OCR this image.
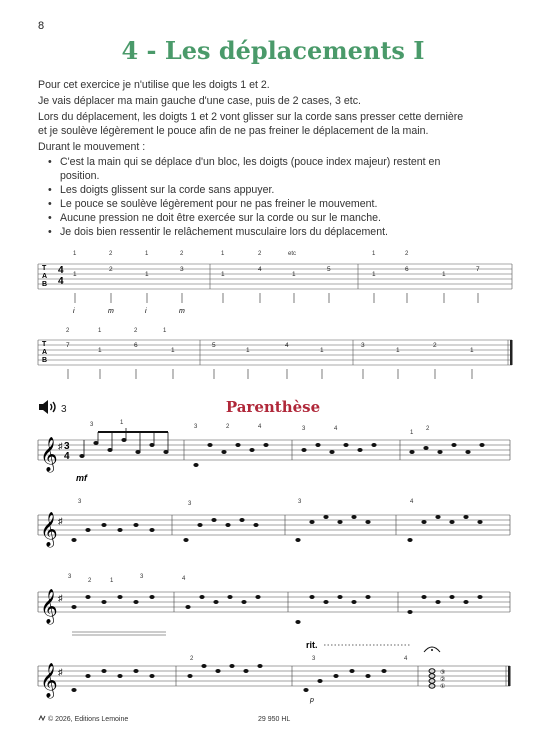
8
4 - Les déplacements I
Pour cet exercice je n'utilise que les doigts 1 et 2.
Je vais déplacer ma main gauche d'une case, puis de 2 cases, 3 etc.
Lors du déplacement, les doigts 1 et 2 vont glisser sur la corde sans presser cette dernière
et je soulève légèrement le pouce afin de ne pas freiner le déplacement de la main.
Durant le mouvement :
• C'est la main qui se déplace d'un bloc, les doigts (pouce index majeur) restent en
position.
• Les doigts glissent sur la corde sans appuyer.
• Le pouce se soulève légèrement pour ne pas freiner le mouvement.
• Aucune pression ne doit être exercée sur la corde ou sur le manche.
• Je dois bien ressentir le relâchement musculaire lors du déplacement.
T
A
B
4
4
1	2	1	2	1	2	etc	1	2
1
2
1
3
1
4
1
5
1
6
1
7
i	m	i	m
T
A
B
2	1	2	1
7
1
6
1
5
1
4
1
3
1
2
1
3	Parenthèse
𝄞 ♯ 3
4
3	1
3	2	4	3	4
1
2
mf
𝄞 ♯
3	3	3	4
𝄞 ♯
3
2	1
3	4
𝄞 ♯
rit.
2	3	4
p
③
②
①
© 2026, Editions Lemoine	29 950 HL
